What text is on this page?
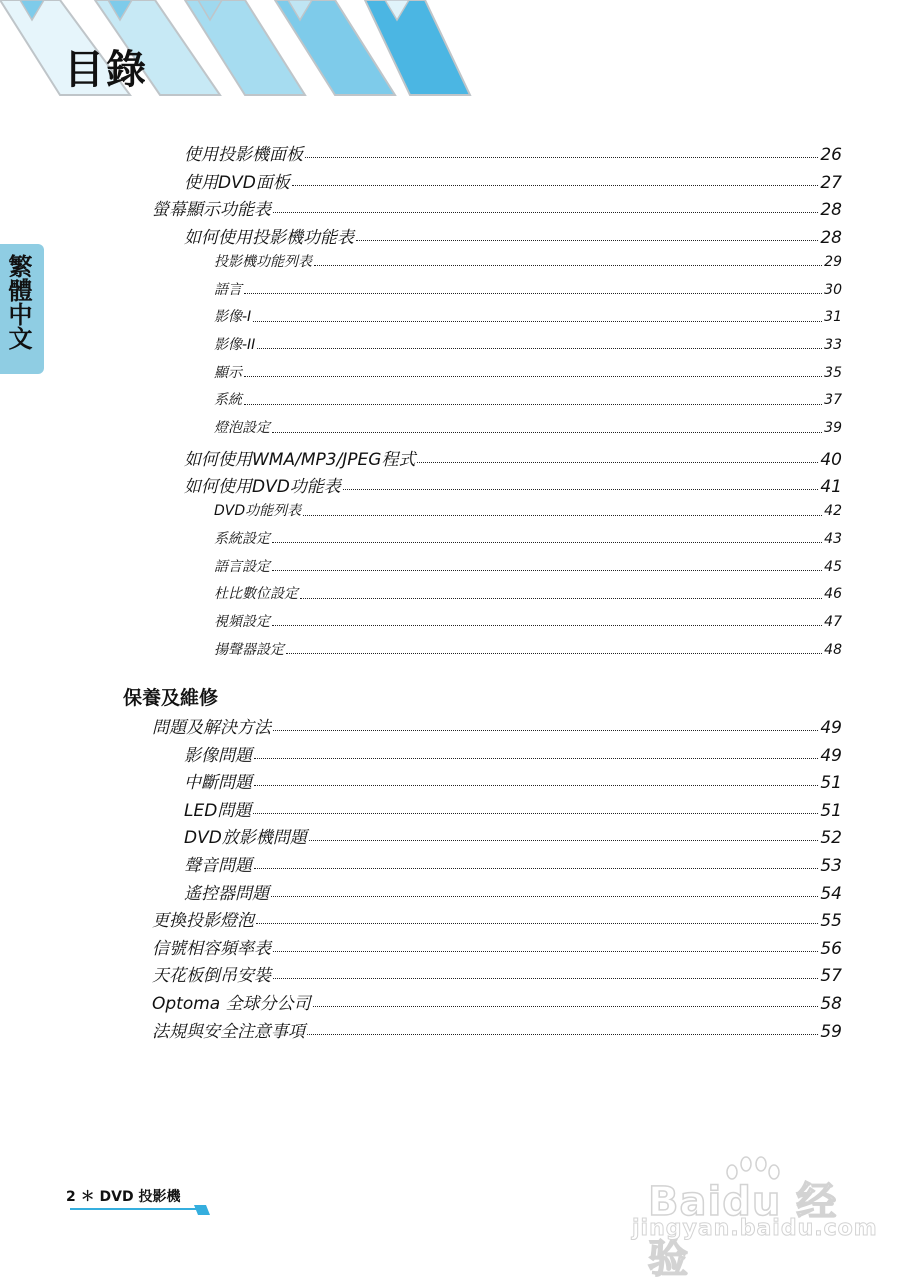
目錄
繁體中文
使用投影機面板	26
使用DVD面板	27
螢幕顯示功能表	28
如何使用投影機功能表	28
投影機功能列表	29
語言	30
影像-I	31
影像-II	33
顯示	35
系統	37
燈泡設定	39
如何使用WMA/MP3/JPEG程式	40
如何使用DVD功能表	41
DVD功能列表	42
系統設定	43
語言設定	45
杜比數位設定	46
視頻設定	47
揚聲器設定	48
保養及維修
問題及解決方法	49
影像問題	49
中斷問題	51
LED問題	51
DVD放影機問題	52
聲音問題	53
遙控器問題	54
更換投影燈泡	55
信號相容頻率表	56
天花板倒吊安裝	57
Optoma 全球分公司	58
法規與安全注意事項	59
2 ＊ DVD 投影機	Baidu 经验
jingyan.baidu.com
